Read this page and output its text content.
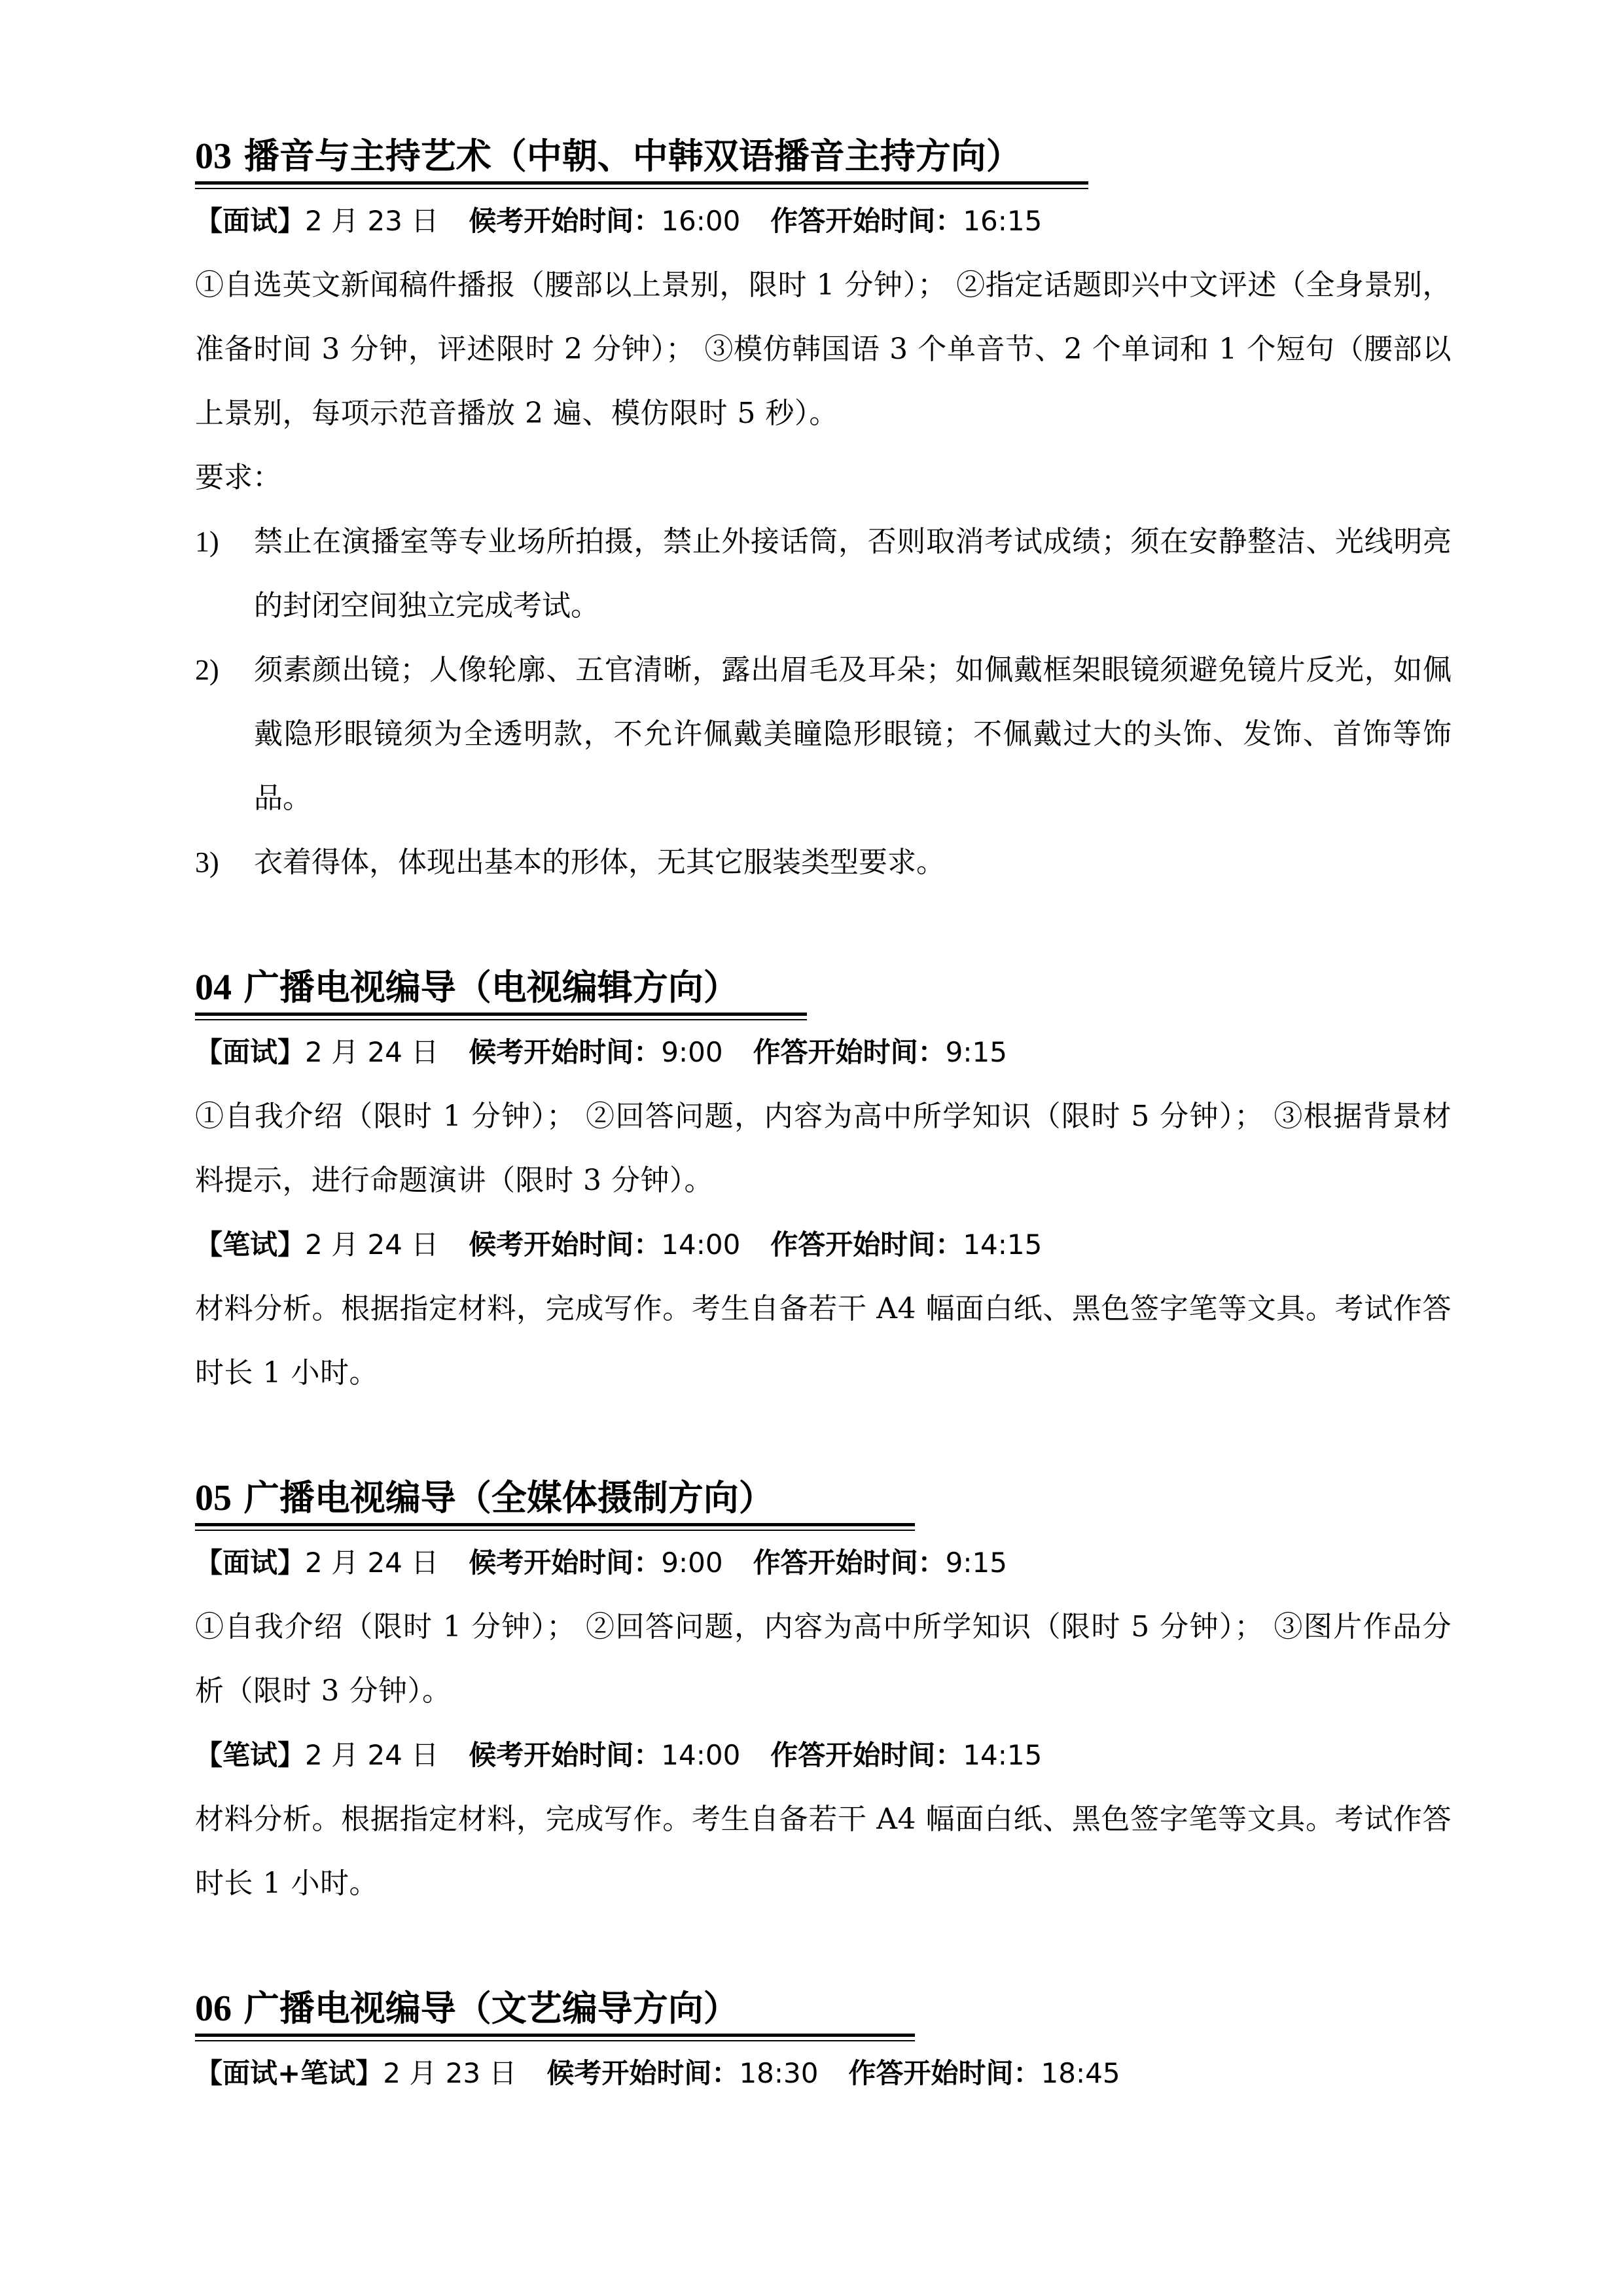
03 播音与主持艺术（中朝、中韩双语播音主持方向）
【面试】2 月 23 日 候考开始时间：16:00 作答开始时间：16:15
①自选英文新闻稿件播报（腰部以上景别，限时 1 分钟）； ②指定话题即兴中文评述（全身景别，准备时间 3 分钟，评述限时 2 分钟）； ③模仿韩国语 3 个单音节、2 个单词和 1 个短句（腰部以上景别，每项示范音播放 2 遍、模仿限时 5 秒）。
要求：
1) 禁止在演播室等专业场所拍摄，禁止外接话筒，否则取消考试成绩；须在安静整洁、光线明亮的封闭空间独立完成考试。
2) 须素颜出镜；人像轮廓、五官清晰，露出眉毛及耳朵；如佩戴框架眼镜须避免镜片反光，如佩戴隐形眼镜须为全透明款，不允许佩戴美瞳隐形眼镜；不佩戴过大的头饰、发饰、首饰等饰品。
3) 衣着得体，体现出基本的形体，无其它服装类型要求。
04 广播电视编导（电视编辑方向）
【面试】2 月 24 日 候考开始时间：9:00 作答开始时间：9:15
①自我介绍（限时 1 分钟）； ②回答问题，内容为高中所学知识（限时 5 分钟）； ③根据背景材料提示，进行命题演讲（限时 3 分钟）。
【笔试】2 月 24 日 候考开始时间：14:00 作答开始时间：14:15
材料分析。根据指定材料，完成写作。考生自备若干 A4 幅面白纸、黑色签字笔等文具。考试作答时长 1 小时。
05 广播电视编导（全媒体摄制方向）
【面试】2 月 24 日 候考开始时间：9:00 作答开始时间：9:15
①自我介绍（限时 1 分钟）； ②回答问题，内容为高中所学知识（限时 5 分钟）； ③图片作品分析（限时 3 分钟）。
【笔试】2 月 24 日 候考开始时间：14:00 作答开始时间：14:15
材料分析。根据指定材料，完成写作。考生自备若干 A4 幅面白纸、黑色签字笔等文具。考试作答时长 1 小时。
06 广播电视编导（文艺编导方向）
【面试+笔试】2 月 23 日 候考开始时间：18:30 作答开始时间：18:45
